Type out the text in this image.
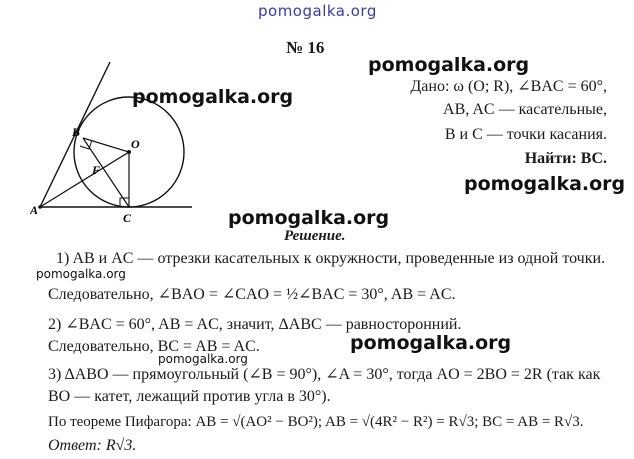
pomogalka.org
№ 16
pomogalka.org
Дано: ω (O; R), ∠BAC = 60°,
AB, AC — касательные,
B и C — точки касания.
Найти: BC.
pomogalka.org
A
B
C
O
F
pomogalka.org
pomogalka.org
Решение.
1) AB и AC — отрезки касательных к окружности, проведенные из одной точки.
pomogalka.org
Следовательно, ∠BAO = ∠CAO = ½∠BAC = 30°, AB = AC.
2) ∠BAC = 60°, AB = AC, значит, ΔABC — равносторонний.
pomogalka.org
Следовательно, BC = AB = AC.
pomogalka.org
3) ΔABO — прямоугольный (∠B = 90°), ∠A = 30°, тогда AO = 2BO = 2R (так как
BO — катет, лежащий против угла в 30°).
По теореме Пифагора: AB = √(AO² − BO²); AB = √(4R² − R²) = R√3; BC = AB = R√3.
Ответ: R√3.
